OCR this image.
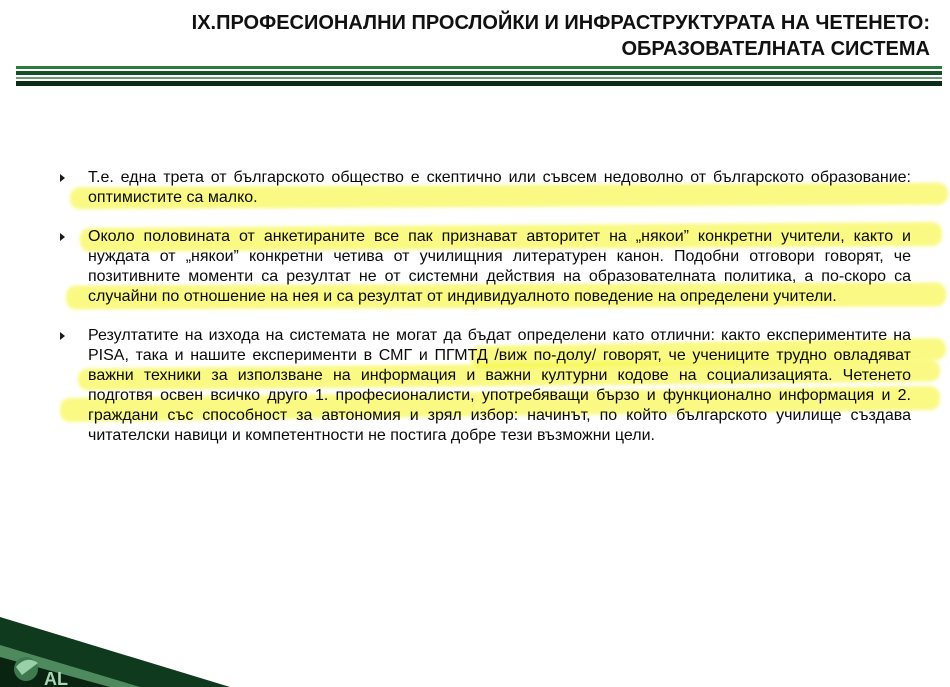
IX.ПРОФЕСИОНАЛНИ ПРОСЛОЙКИ И ИНФРАСТРУКТУРАТА НА ЧЕТЕНЕТО:
ОБРАЗОВАТЕЛНАТА СИСТЕМА
Т.е. една трета от българското общество е скептично или съвсем недоволно от българското образование: оптимистите са малко.
Около половината от анкетираните все пак признават авторитет на „някои” конкретни учители, както и нуждата от „някои” конкретни четива от училищния литературен канон. Подобни отговори говорят, че позитивните моменти са резултат не от системни действия на образователната политика, а по-скоро са случайни по отношение на нея и са резултат от индивидуалното поведение на определени учители.
Резултатите на изхода на системата не могат да бъдат определени като отлични: както експериментите на PISA, така и нашите експерименти в СМГ и ПГМТД /виж по-долу/ говорят, че учениците трудно овладяват важни техники за използване на информация и важни културни кодове на социализацията. Четенето подготвя освен всичко друго 1. професионалисти, употребяващи бързо и функционално информация и 2. граждани със способност за автономия и зрял избор: начинът, по който българското училище създава читателски навици и компетентности не постига добре тези възможни цели.
AL
